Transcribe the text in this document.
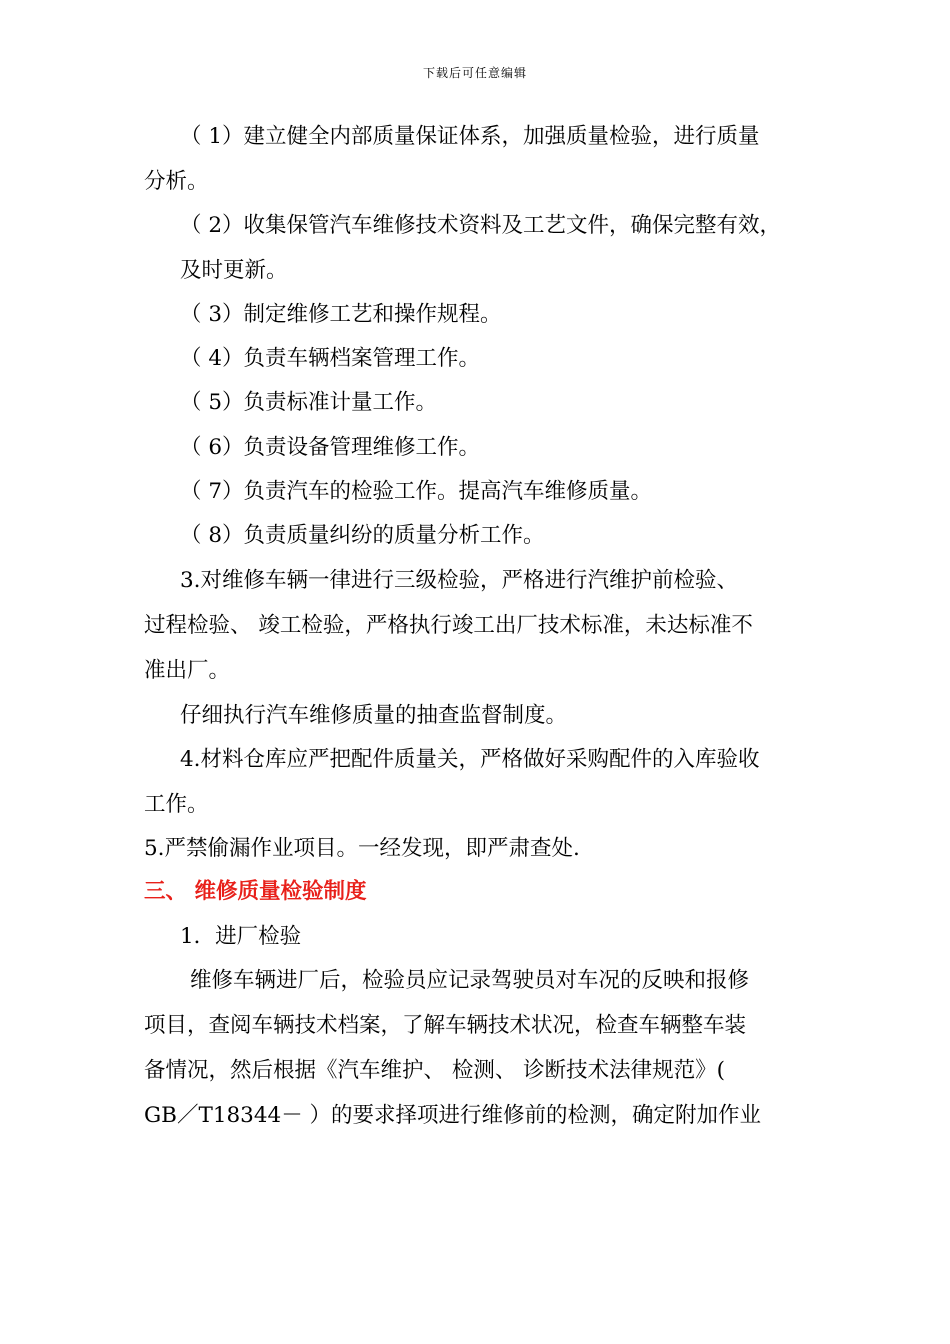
下载后可任意编辑
（ 1）建立健全内部质量保证体系，加强质量检验，进行质量
分析。
（ 2）收集保管汽车维修技术资料及工艺文件，确保完整有效，
及时更新。
（ 3）制定维修工艺和操作规程。
（ 4）负责车辆档案管理工作。
（ 5）负责标准计量工作。
（ 6）负责设备管理维修工作。
（ 7）负责汽车的检验工作。提高汽车维修质量。
（ 8）负责质量纠纷的质量分析工作。
3.对维修车辆一律进行三级检验，严格进行汽维护前检验、
过程检验、 竣工检验，严格执行竣工出厂技术标准，未达标准不
准出厂。
仔细执行汽车维修质量的抽查监督制度。
4.材料仓库应严把配件质量关，严格做好采购配件的入库验收
工作。
5.严禁偷漏作业项目。一经发现，即严肃查处.
三、 维修质量检验制度
1．进厂检验
维修车辆进厂后，检验员应记录驾驶员对车况的反映和报修
项目，查阅车辆技术档案，了解车辆技术状况，检查车辆整车装
备情况，然后根据《汽车维护、 检测、 诊断技术法律规范》(
GB／T18344－ ）的要求择项进行维修前的检测，确定附加作业
